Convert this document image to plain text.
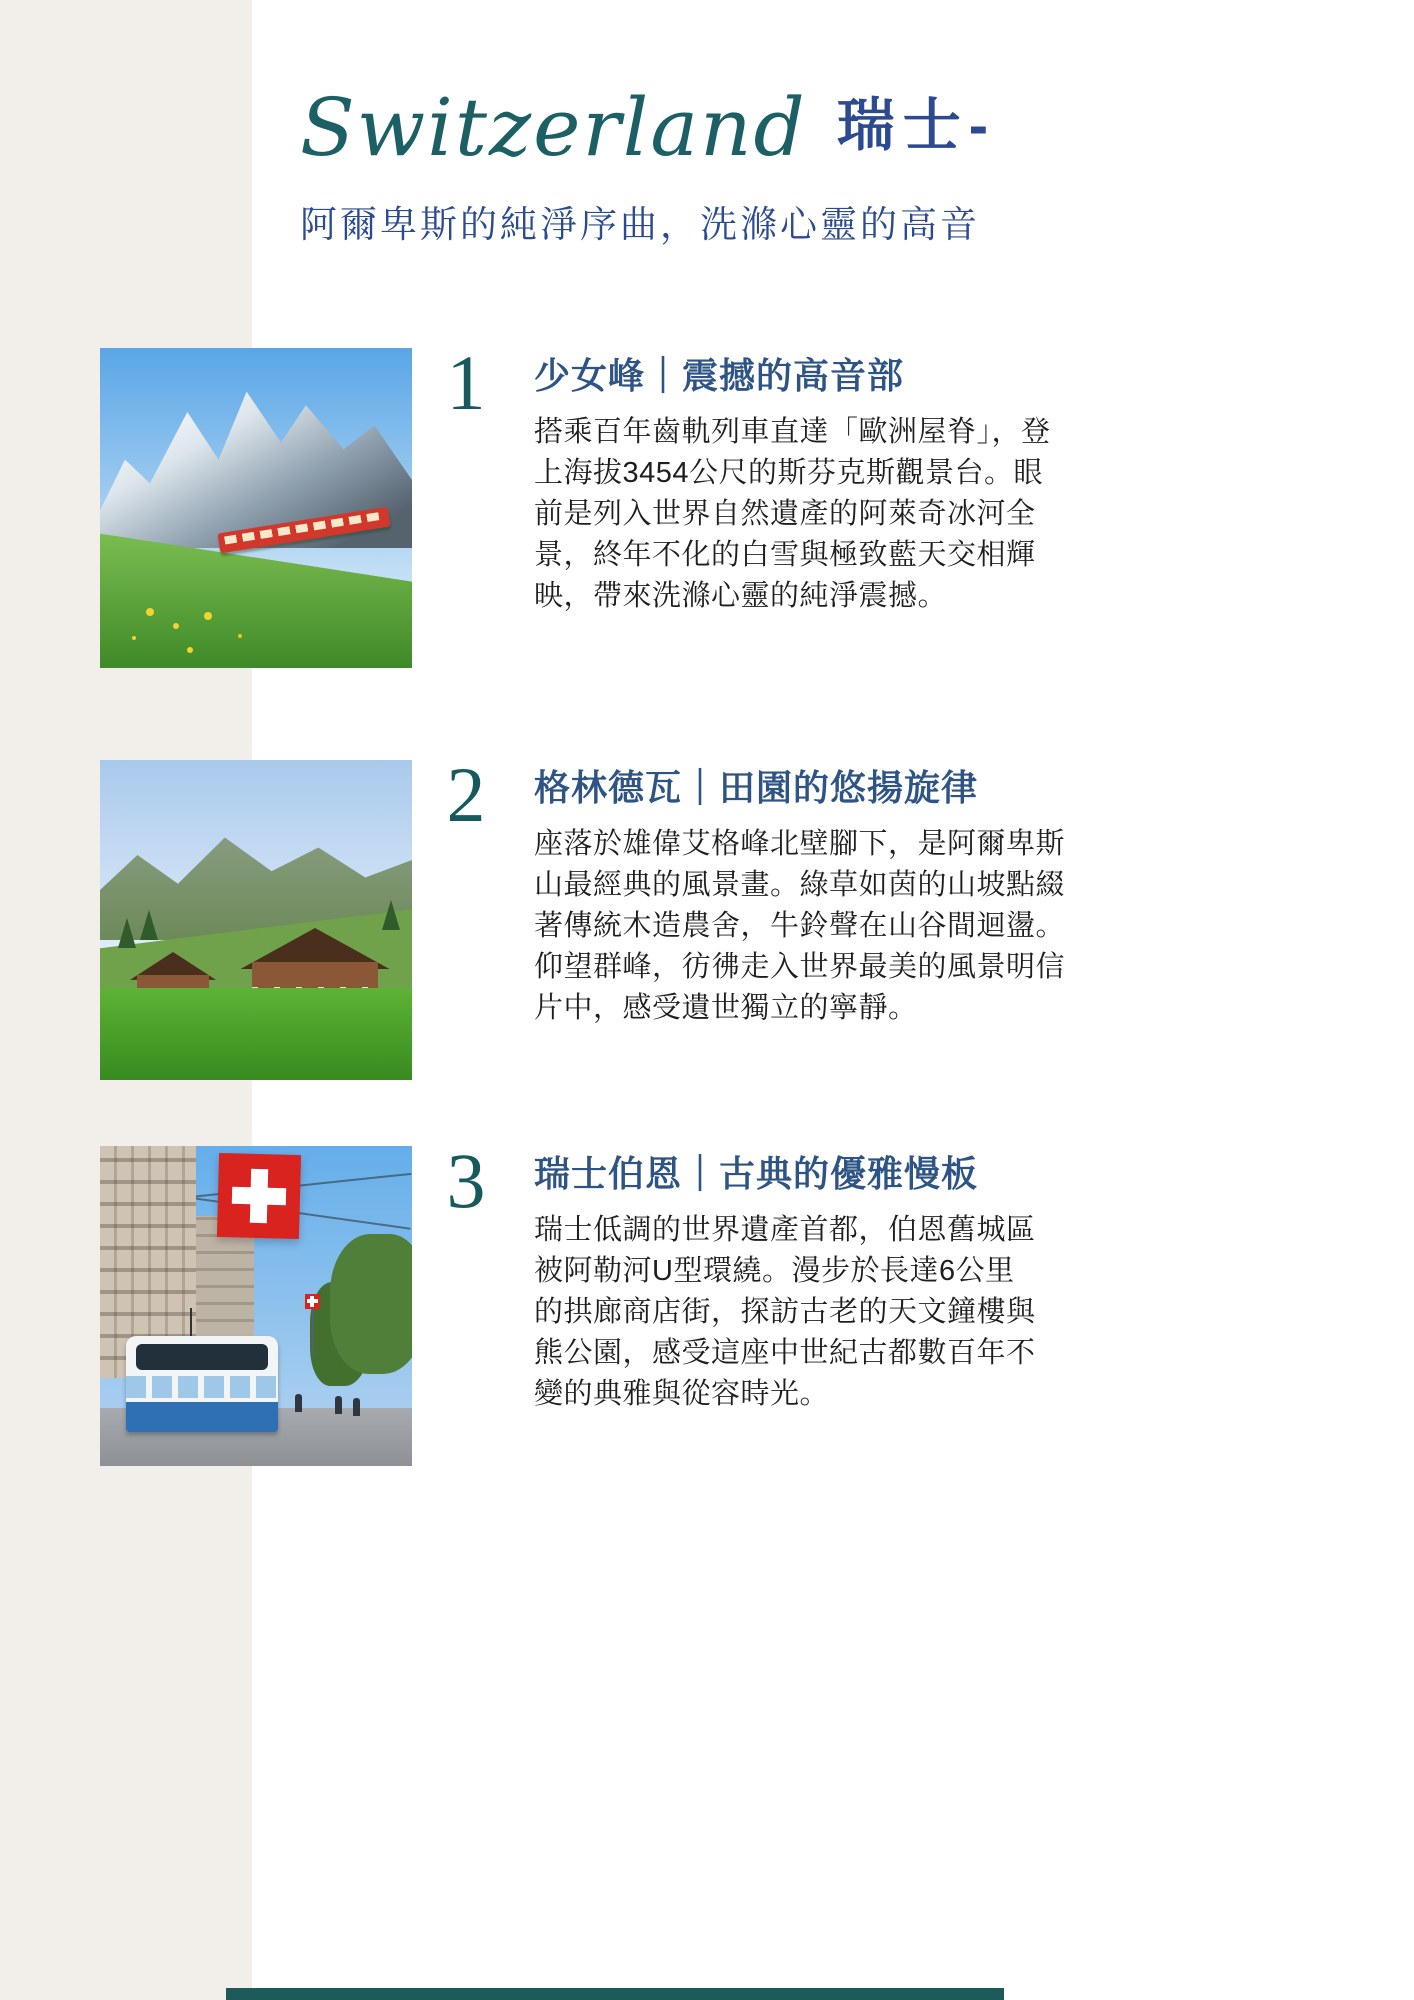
Switzerland 瑞士-
阿爾卑斯的純淨序曲，洗滌心靈的高音
1	少女峰｜震撼的高音部
搭乘百年齒軌列車直達「歐洲屋脊」，登
上海拔3454公尺的斯芬克斯觀景台。眼
前是列入世界自然遺產的阿萊奇冰河全
景，終年不化的白雪與極致藍天交相輝
映，帶來洗滌心靈的純淨震撼。
2	格林德瓦｜田園的悠揚旋律
座落於雄偉艾格峰北壁腳下，是阿爾卑斯
山最經典的風景畫。綠草如茵的山坡點綴
著傳統木造農舍，牛鈴聲在山谷間迴盪。
仰望群峰，彷彿走入世界最美的風景明信
片中，感受遺世獨立的寧靜。
3	瑞士伯恩｜古典的優雅慢板
瑞士低調的世界遺產首都，伯恩舊城區
被阿勒河U型環繞。漫步於長達6公里
的拱廊商店街，探訪古老的天文鐘樓與
熊公園，感受這座中世紀古都數百年不
變的典雅與從容時光。
